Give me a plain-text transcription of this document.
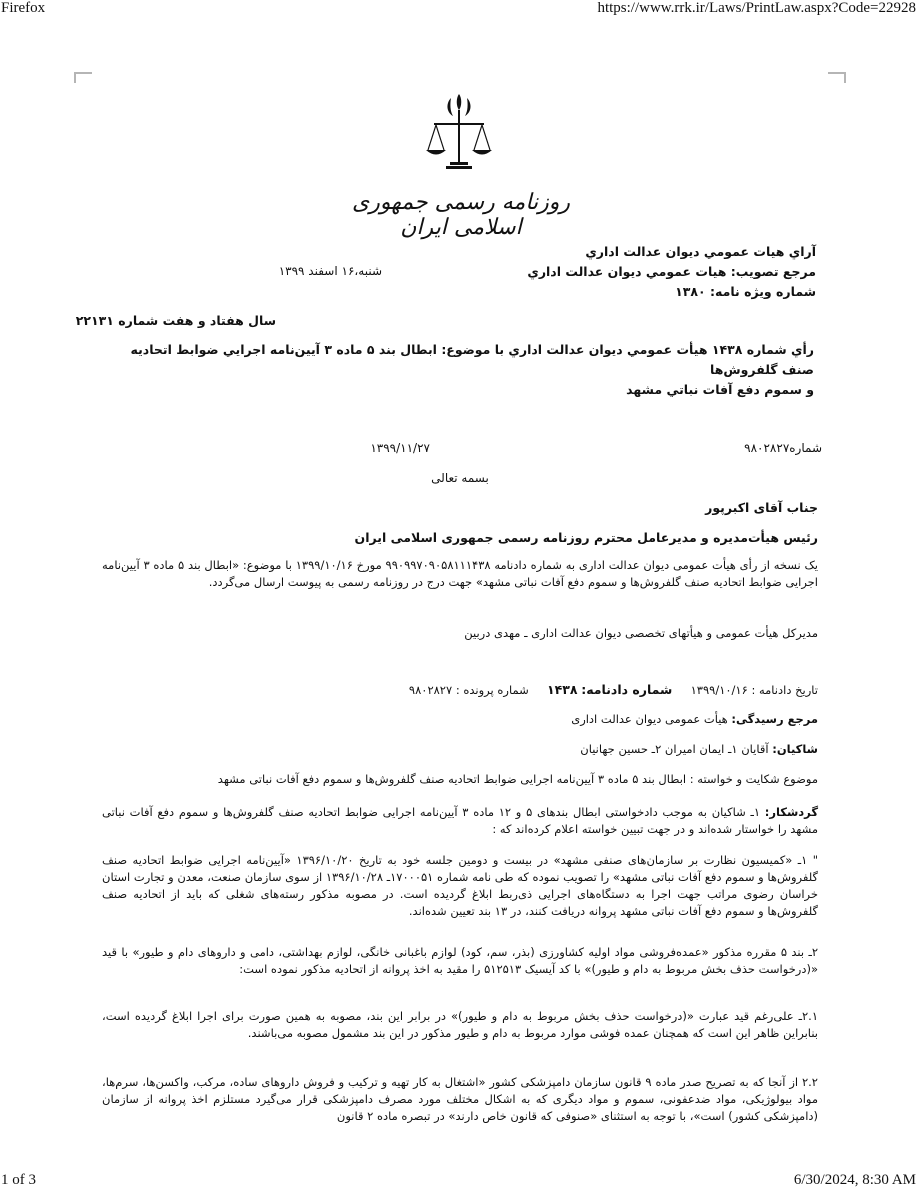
Firefox	https://www.rrk.ir/Laws/PrintLaw.aspx?Code=22928
1 of 3	6/30/2024, 8:30 AM
روزنامه رسمی جمهوری اسلامی ایران
آراي هيات عمومي ديوان عدالت اداري
مرجع تصويب: هيات عمومي ديوان عدالت اداري
شماره ويژه نامه: ۱۳۸۰
شنبه،۱۶ اسفند ۱۳۹۹
سال هفتاد و هفت شماره ۲۲۱۳۱
رأي شماره ۱۴۳۸ هيأت عمومي ديوان عدالت اداري با موضوع: ابطال بند ۵ ماده ۳ آيين‌نامه اجرايي ضوابط اتحاديه صنف گلفروش‌ها
و سموم دفع آفات نباتي مشهد
شماره۹۸۰۲۸۲۷
۱۳۹۹/۱۱/۲۷
بسمه تعالی
جناب آقای اکبرپور
رئیس هیأت‌مدیره و مدیرعامل محترم روزنامه رسمی جمهوری اسلامی ایران

یک نسخه از رأی هیأت عمومی دیوان عدالت اداری به شماره دادنامه ۹۹۰۹۹۷۰۹۰۵۸۱۱۱۴۳۸ مورخ ۱۳۹۹/۱۰/۱۶ با موضوع: «ابطال بند ۵ ماده ۳ آیین‌نامه اجرایی ضوابط اتحادیه صنف گلفروش‌ها و سموم دفع آفات نباتی مشهد» جهت درج در روزنامه رسمی به پیوست ارسال می‌گردد.

مدیرکل هیأت عمومی و هیأتهای تخصصی دیوان عدالت اداری ـ مهدی دربین
تاریخ دادنامه : ۱۳۹۹/۱۰/۱۶     شماره دادنامه: ۱۴۳۸     شماره پرونده : ۹۸۰۲۸۲۷
مرجع رسیدگی: هیأت عمومی دیوان عدالت اداری
شاکیان: آقایان ۱ـ ایمان امیران ۲ـ حسین جهانیان
موضوع شکایت و خواسته : ابطال بند ۵ ماده ۳ آیین‌نامه اجرایی ضوابط اتحادیه صنف گلفروش‌ها و سموم دفع آفات نباتی مشهد

گردشکار: ۱ـ شاکیان به موجب دادخواستی ابطال بندهای ۵ و ۱۲ ماده ۳ آیین‌نامه اجرایی ضوابط اتحادیه صنف گلفروش‌ها و سموم دفع آفات نباتی مشهد را خواستار شده‌اند و در جهت تبیین خواسته اعلام کرده‌اند که :

" ۱ـ «کمیسیون نظارت بر سازمان‌های صنفی مشهد» در بیست و دومین جلسه خود به تاریخ ۱۳۹۶/۱۰/۲۰ «آیین‌نامه اجرایی ضوابط اتحادیه صنف گلفروش‌ها و سموم دفع آفات نباتی مشهد» را تصویب نموده که طی نامه شماره ۱۷۰۰۰۵۱ـ ۱۳۹۶/۱۰/۲۸ از سوی سازمان صنعت، معدن و تجارت استان خراسان رضوی مراتب جهت اجرا به دستگاه‌های اجرایی ذی‌ربط ابلاغ گردیده است. در مصوبه مذکور رسته‌های شغلی که باید از اتحادیه صنف گلفروش‌ها و سموم دفع آفات نباتی مشهد پروانه دریافت کنند، در ۱۳ بند تعیین شده‌اند.

۲ـ بند ۵ مقرره مذکور «عمده‌فروشی مواد اولیه کشاورزی (بذر، سم، کود) لوازم باغبانی خانگی، لوازم بهداشتی، دامی و داروهای دام و طیور» با قید «(درخواست حذف بخش مربوط به دام و طیور)» با کد آیسیک ۵۱۲۵۱۳ را مقید به اخذ پروانه از اتحادیه مذکور نموده است:

۲.۱ـ علی‌رغم قید عبارت «(درخواست حذف بخش مربوط به دام و طیور)» در برابر این بند، مصوبه به همین صورت برای اجرا ابلاغ گردیده است، بنابراین ظاهر این است که همچنان عمده فوشی موارد مربوط به دام و طیور مذکور در این بند مشمول مصوبه می‌باشند.

۲.۲ از آنجا که به تصریح صدر ماده ۹ قانون سازمان دامپزشکی کشور «اشتغال به کار تهیه و ترکیب و فروش داروهای ساده، مرکب، واکسن‌ها، سرم‌ها، مواد بیولوژیکی، مواد ضدعفونی، سموم و مواد دیگری که به اشکال مختلف مورد مصرف دامپزشکی قرار می‌گیرد مستلزم اخذ پروانه از سازمان (دامپزشکی کشور) است»، با توجه به استثنای «صنوفی که قانون خاص دارند» در تبصره ماده ۲ قانون
